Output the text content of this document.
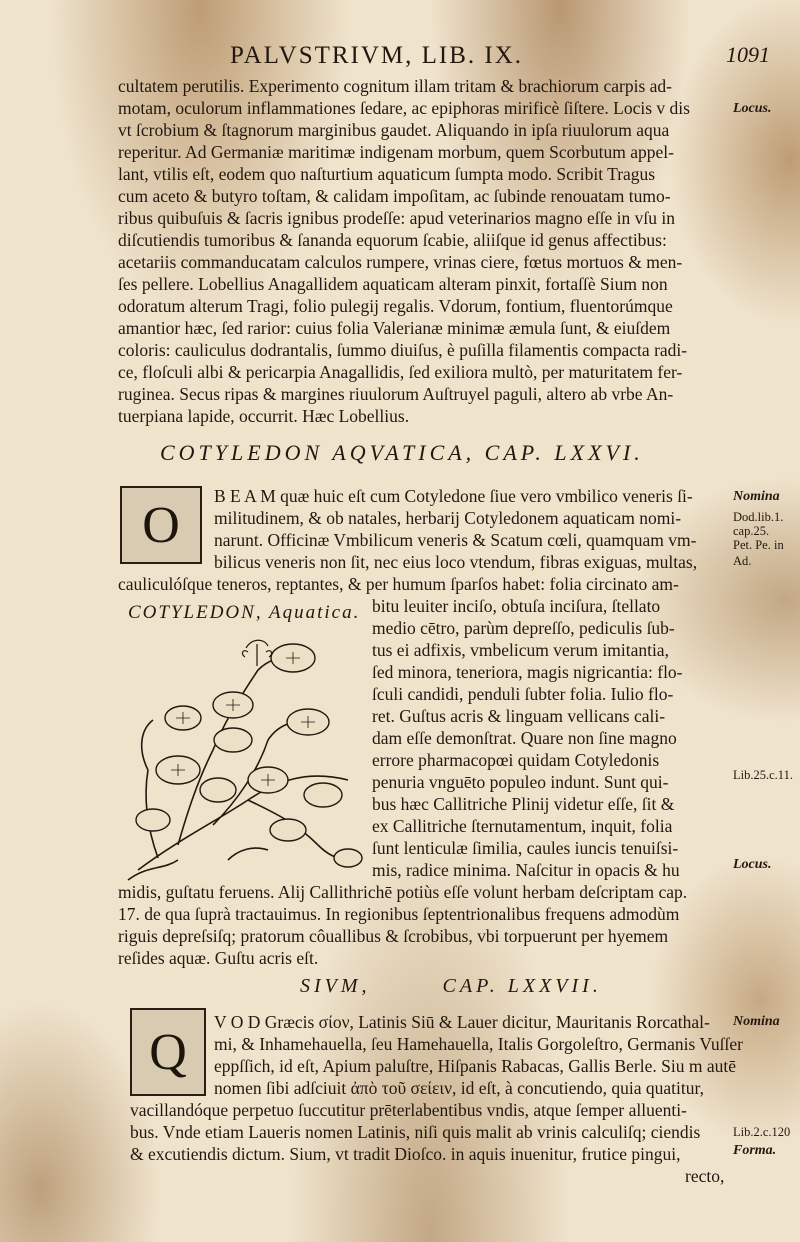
PALVSTRIVM, LIB. IX.	1091
cultatem perutilis. Experimento cognitum illam tritam & brachiorum carpis ad-
motam, oculorum inflammationes ſedare, ac epiphoras mirificè ſiſtere. Locis v dis
vt ſcrobium & ſtagnorum marginibus gaudet. Aliquando in ipſa riuulorum aqua
reperitur. Ad Germaniæ maritimæ indigenam morbum, quem Scorbutum appel-
lant, vtilis eſt, eodem quo naſturtium aquaticum ſumpta modo. Scribit Tragus
cum aceto & butyro toſtam, & calidam impoſitam, ac ſubinde renouatam tumo-
ribus quibuſuis & ſacris ignibus prodeſſe: apud veterinarios magno eſſe in vſu in
diſcutiendis tumoribus & ſananda equorum ſcabie, aliiſque id genus affectibus:
acetariis commanducatam calculos rumpere, vrinas ciere, fœtus mortuos & men-
ſes pellere. Lobellius Anagallidem aquaticam alteram pinxit, fortaſſè Sium non
odoratum alterum Tragi, folio pulegij regalis. Vdorum, fontium, fluentorúmque
amantior hæc, ſed rarior: cuius folia Valerianæ minimæ æmula ſunt, & eiuſdem
coloris: cauliculus dodrantalis, ſummo diuiſus, è puſilla filamentis compacta radi-
ce, floſculi albi & pericarpia Anagallidis, ſed exiliora multò, per maturitatem fer-
ruginea. Secus ripas & margines riuulorum Auſtruyel paguli, altero ab vrbe An-
tuerpiana lapide, occurrit. Hæc Lobellius.
COTYLEDON AQVATICA, CAP. LXXVI.
O
B E A M quæ huic eſt cum Cotyledone ſiue vero vmbilico veneris ſi-
militudinem, & ob natales, herbarij Cotyledonem aquaticam nomi-
narunt. Officinæ Vmbilicum veneris & Scatum cœli, quamquam vm-
bilicus veneris non ſit, nec eius loco vtendum, fibras exiguas, multas,
cauliculóſque teneros, reptantes, & per humum ſparſos habet: folia circinato am-
COTYLEDON, Aquatica. bitu leuiter inciſo, obtuſa inciſura, ſtellato
medio cētro, parùm depreſſo, pediculis ſub-
tus ei adfixis, vmbelicum verum imitantia,
ſed minora, teneriora, magis nigricantia: flo-
ſculi candidi, penduli ſubter folia. Iulio flo-
ret. Guſtus acris & linguam vellicans cali-
dam eſſe demonſtrat. Quare non ſine magno
errore pharmacopœi quidam Cotyledonis
penuria vnguēto populeo indunt. Sunt qui-
bus hæc Callitriche Plinij videtur eſſe, ſit &
ex Callitriche ſternutamentum, inquit, folia
ſunt lenticulæ ſimilia, caules iuncis tenuiſsi-
mis, radice minima. Naſcitur in opacis & hu
midis, guſtatu feruens. Alij Callithrichē potiùs eſſe volunt herbam deſcriptam cap.
17. de qua ſuprà tractauimus. In regionibus ſeptentrionalibus frequens admodùm
riguis depreſsiſq; pratorum côuallibus & ſcrobibus, vbi torpuerunt per hyemem
reſides aquæ. Guſtu acris eſt.
SIVM,        CAP. LXXVII.
Q
V O D Græcis σίον, Latinis Siū & Lauer dicitur, Mauritanis Rorcathal-
mi, & Inhamehauella, ſeu Hamehauella, Italis Gorgoleſtro, Germanis Vuſſer
eppſſich, id eſt, Apium paluſtre, Hiſpanis Rabacas, Gallis Berle. Siu m autē
nomen ſibi adſciuit ἀπὸ τοῦ σείειν, id eſt, à concutiendo, quia quatitur,
vacillandóque perpetuo ſuccutitur prēterlabentibus vndis, atque ſemper alluenti-
bus. Vnde etiam Laueris nomen Latinis, niſi quis malit ab vrinis calculiſq; ciendis
& excutiendis dictum. Sium, vt tradit Dioſco. in aquis inuenitur, frutice pingui,
recto,
Locus.
Nomina
Dod.lib.1.
cap.25.
Pet. Pe. in
Ad.
Lib.25.c.11.
Locus.
Nomina
Lib.2.c.120
Forma.
